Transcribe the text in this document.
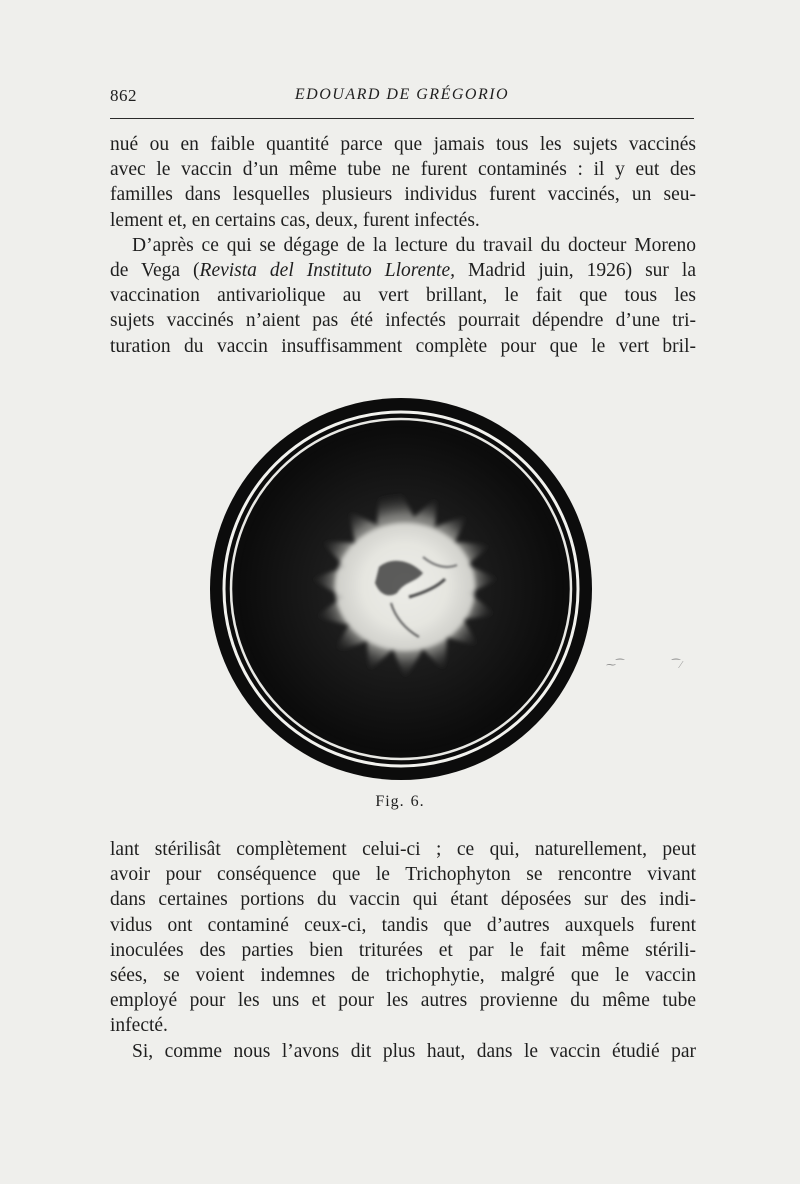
862	EDOUARD DE GRÉGORIO
nué ou en faible quantité parce que jamais tous les sujets vaccinés
avec le vaccin d’un même tube ne furent contaminés : il y eut des
familles dans lesquelles plusieurs individus furent vaccinés, un seu-
lement et, en certains cas, deux, furent infectés.
D’après ce qui se dégage de la lecture du travail du docteur Moreno
de Vega (Revista del Instituto Llorente, Madrid juin, 1926) sur la
vaccination antivariolique au vert brillant, le fait que tous les
sujets vaccinés n’aient pas été infectés pourrait dépendre d’une tri-
turation du vaccin insuffisamment complète pour que le vert bril-
⁓⁀	⁀⁄
Fig. 6.
lant stérilisât complètement celui-ci ; ce qui, naturellement, peut
avoir pour conséquence que le Trichophyton se rencontre vivant
dans certaines portions du vaccin qui étant déposées sur des indi-
vidus ont contaminé ceux-ci, tandis que d’autres auxquels furent
inoculées des parties bien triturées et par le fait même stérili-
sées, se voient indemnes de trichophytie, malgré que le vaccin
employé pour les uns et pour les autres provienne du même tube
infecté.
Si, comme nous l’avons dit plus haut, dans le vaccin étudié par
